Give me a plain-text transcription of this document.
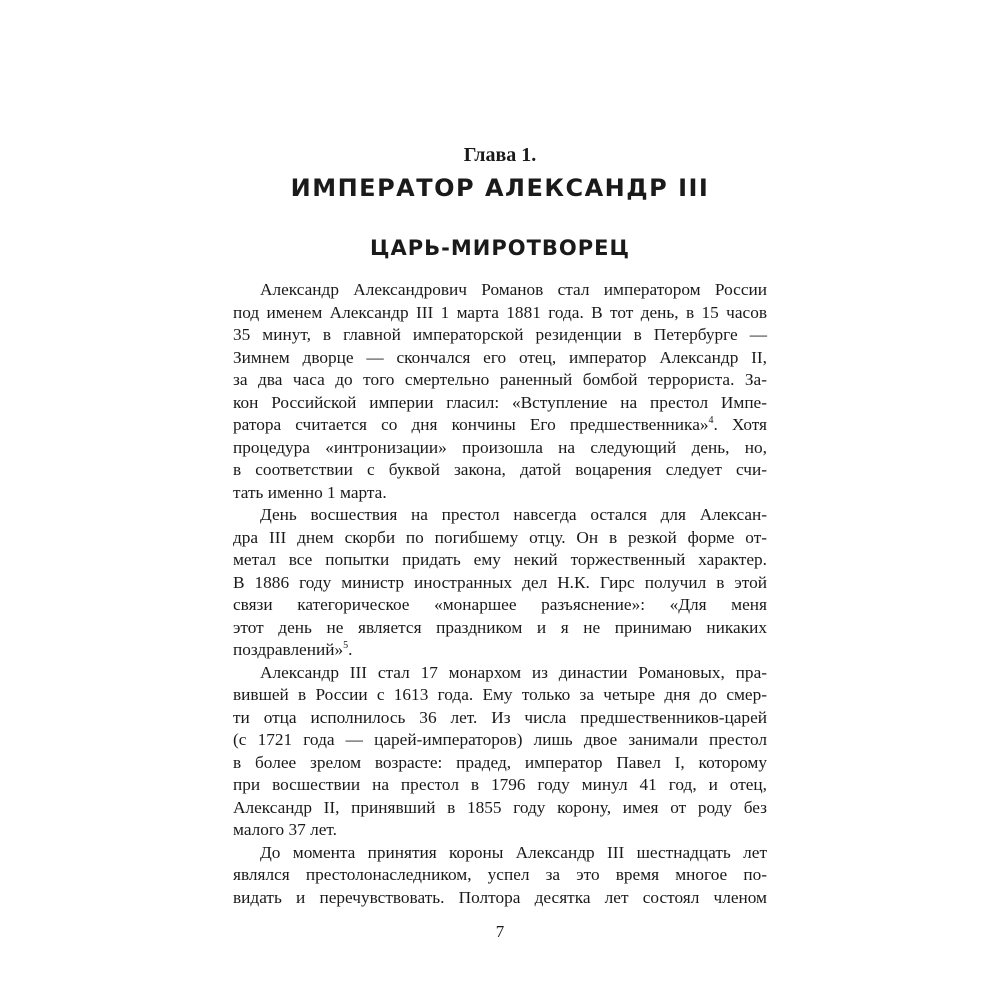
Глава 1.
ИМПЕРАТОР АЛЕКСАНДР III
ЦАРЬ-МИРОТВОРЕЦ
Александр Александрович Романов стал императором России
под именем Александр III 1 марта 1881 года. В тот день, в 15 часов
35 минут, в главной императорской резиденции в Петербурге —
Зимнем дворце — скончался его отец, император Александр II,
за два часа до того смертельно раненный бомбой террориста. За-
кон Российской империи гласил: «Вступление на престол Импе-
ратора считается со дня кончины Его предшественника»$^4$. Хотя
процедура «интронизации» произошла на следующий день, но,
в соответствии с буквой закона, датой воцарения следует счи-
тать именно 1 марта.
День восшествия на престол навсегда остался для Алексан-
дра III днем скорби по погибшему отцу. Он в резкой форме от-
метал все попытки придать ему некий торжественный характер.
В 1886 году министр иностранных дел Н.К. Гирс получил в этой
связи категорическое «монаршее разъяснение»: «Для меня
этот день не является праздником и я не принимаю никаких
поздравлений»$^5$.
Александр III стал 17 монархом из династии Романовых, пра-
вившей в России с 1613 года. Ему только за четыре дня до смер-
ти отца исполнилось 36 лет. Из числа предшественников-царей
(с 1721 года — царей-императоров) лишь двое занимали престол
в более зрелом возрасте: прадед, император Павел I, которому
при восшествии на престол в 1796 году минул 41 год, и отец,
Александр II, принявший в 1855 году корону, имея от роду без
малого 37 лет.
До момента принятия короны Александр III шестнадцать лет
являлся престолонаследником, успел за это время многое по-
видать и перечувствовать. Полтора десятка лет состоял членом
7
